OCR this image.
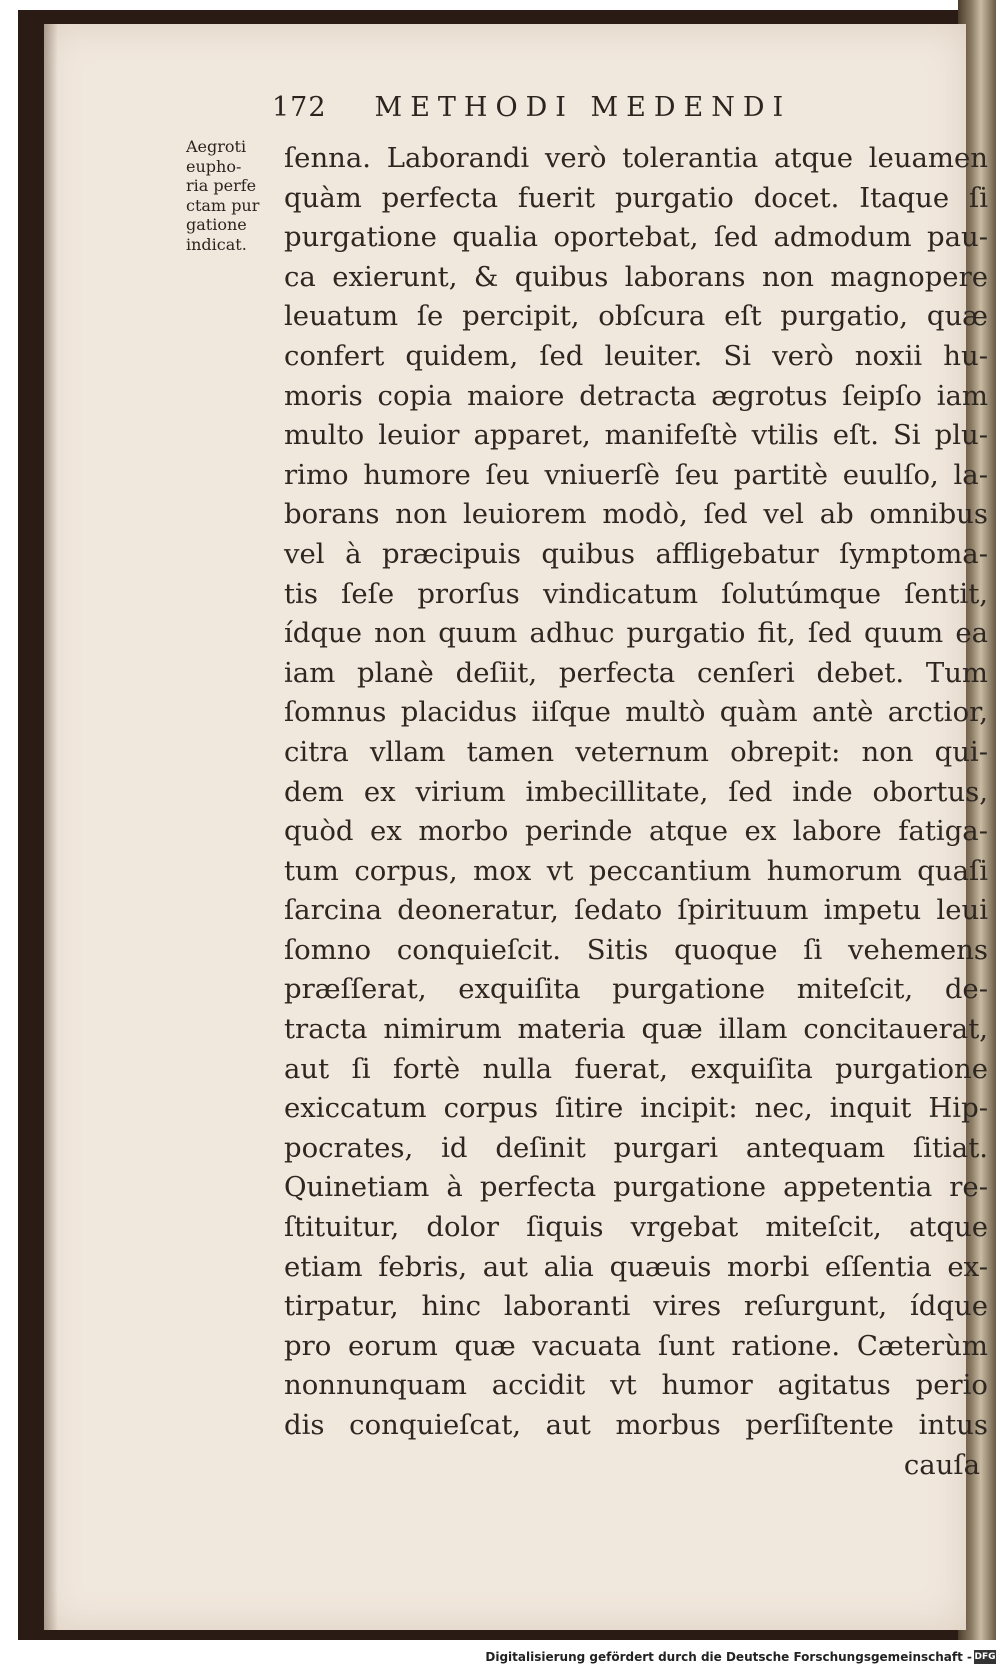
172 METHODI MEDENDI
Aegroti
eupho-
ria perfe
ctam pur
gatione
indicat.
ſenna. Laborandi verò tolerantia atque leuamen
quàm perfecta fuerit purgatio docet. Itaque ſi
purgatione qualia oportebat, ſed admodum pau-
ca exierunt, & quibus laborans non magnopere
leuatum ſe percipit, obſcura eſt purgatio, quæ
confert quidem, ſed leuiter. Si verò noxii hu-
moris copia maiore detracta ægrotus ſeipſo iam
multo leuior apparet, manifeſtè vtilis eſt. Si plu-
rimo humore ſeu vniuerſè ſeu partitè euulſo, la-
borans non leuiorem modò, ſed vel ab omnibus
vel à præcipuis quibus affligebatur ſymptoma-
tis ſeſe prorſus vindicatum ſolutúmque ſentit,
ídque non quum adhuc purgatio fit, ſed quum ea
iam planè deſiit, perfecta cenſeri debet. Tum
ſomnus placidus iiſque multò quàm antè arctior,
citra vllam tamen veternum obrepit: non qui-
dem ex virium imbecillitate, ſed inde obortus,
quòd ex morbo perinde atque ex labore fatiga-
tum corpus, mox vt peccantium humorum quaſi
ſarcina deoneratur, ſedato ſpirituum impetu leui
ſomno conquieſcit. Sitis quoque ſi vehemens
præſſerat, exquiſita purgatione miteſcit, de-
tracta nimirum materia quæ illam concitauerat,
aut ſi fortè nulla fuerat, exquiſita purgatione
exiccatum corpus ſitire incipit: nec, inquit Hip-
pocrates, id deſinit purgari antequam ſitiat.
Quinetiam à perfecta purgatione appetentia re-
ſtituitur, dolor ſiquis vrgebat miteſcit, atque
etiam febris, aut alia quæuis morbi eſſentia ex-
tirpatur, hinc laboranti vires reſurgunt, ídque
pro eorum quæ vacuata ſunt ratione. Cæterùm
nonnunquam accidit vt humor agitatus perio
dis conquieſcat, aut morbus perſiſtente intus
cauſa
Digitalisierung gefördert durch die Deutsche Forschungsgemeinschaft - DFG
